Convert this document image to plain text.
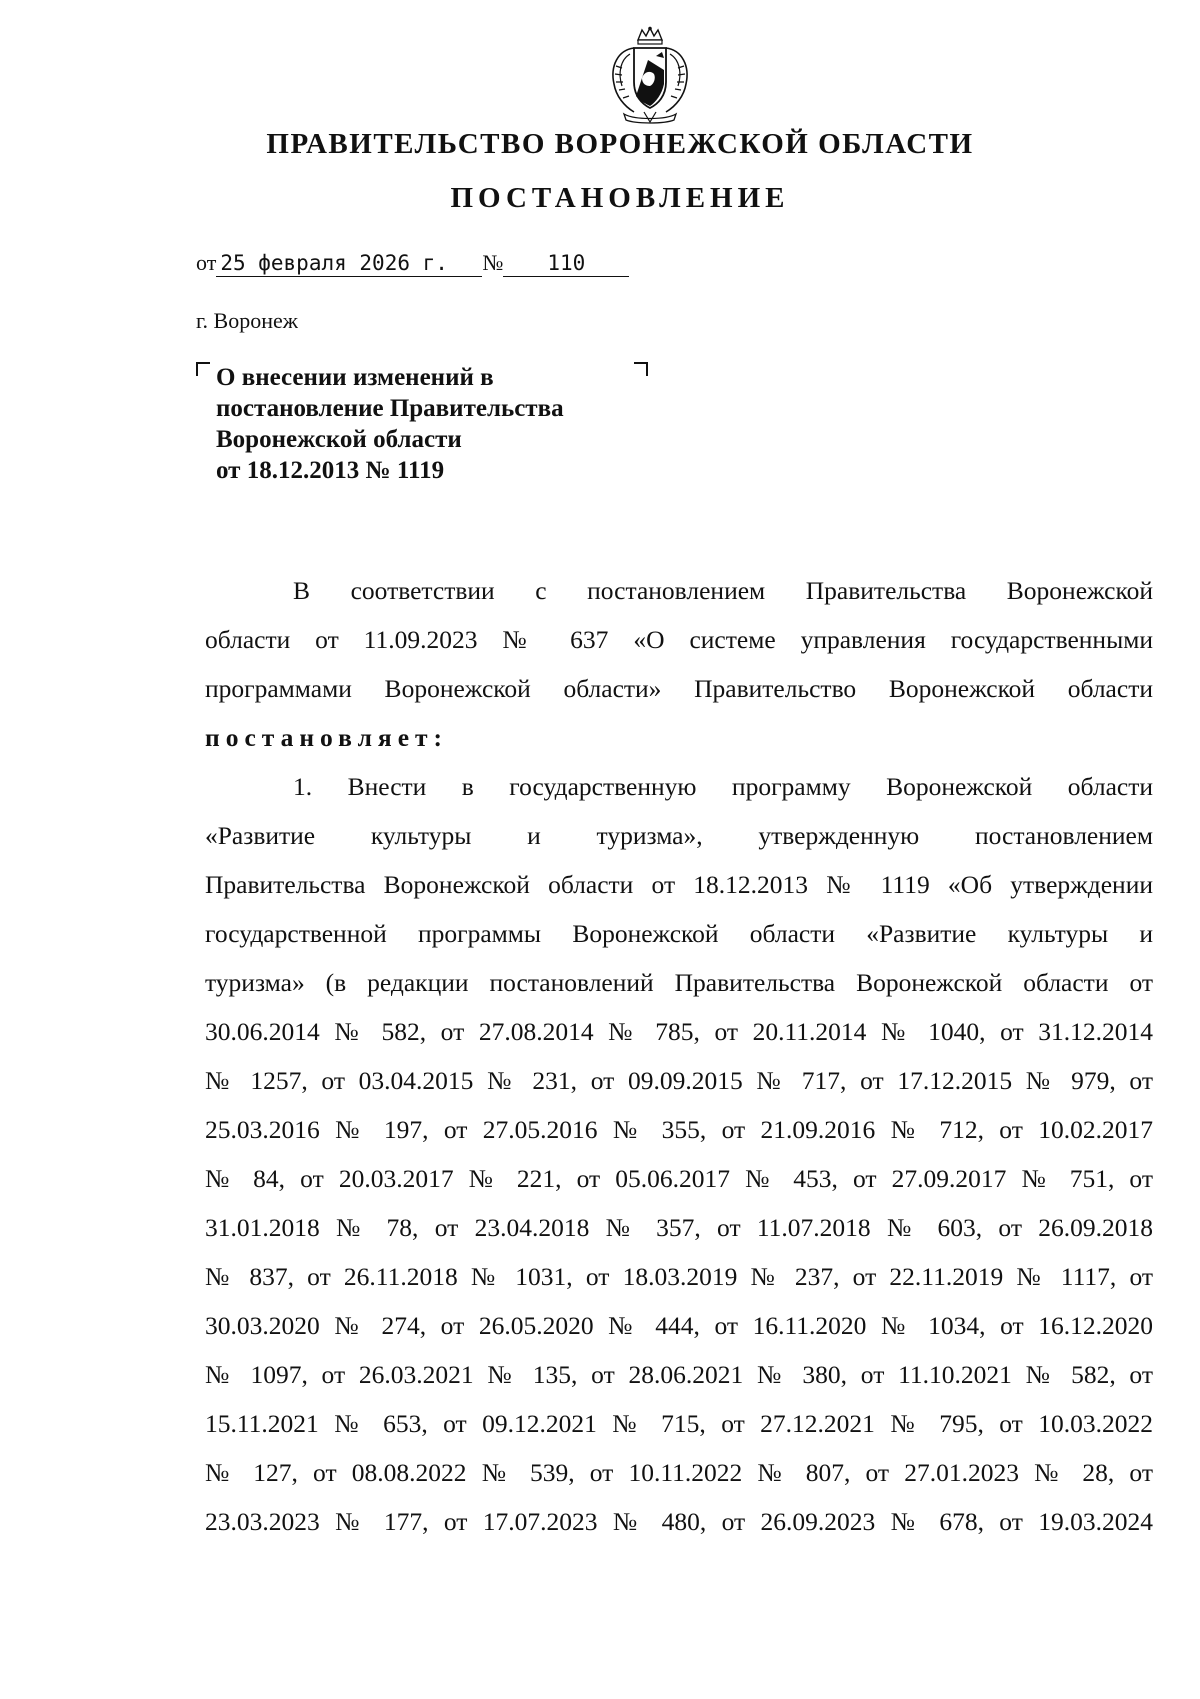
ПРАВИТЕЛЬСТВО ВОРОНЕЖСКОЙ ОБЛАСТИ
ПОСТАНОВЛЕНИЕ
от 25 февраля 2026 г. № 110
г. Воронеж
О внесении изменений в
постановление Правительства
Воронежской области
от 18.12.2013 № 1119
В соответствии с постановлением Правительства Воронежской
области от 11.09.2023 № 637 «О системе управления государственными
программами Воронежской области» Правительство Воронежской области
постановляет:
1. Внести в государственную программу Воронежской области
«Развитие культуры и туризма», утвержденную постановлением
Правительства Воронежской области от 18.12.2013 № 1119 «Об утверждении
государственной программы Воронежской области «Развитие культуры и
туризма» (в редакции постановлений Правительства Воронежской области от
30.06.2014 № 582, от 27.08.2014 № 785, от 20.11.2014 № 1040, от 31.12.2014
№ 1257, от 03.04.2015 № 231, от 09.09.2015 № 717, от 17.12.2015 № 979, от
25.03.2016 № 197, от 27.05.2016 № 355, от 21.09.2016 № 712, от 10.02.2017
№ 84, от 20.03.2017 № 221, от 05.06.2017 № 453, от 27.09.2017 № 751, от
31.01.2018 № 78, от 23.04.2018 № 357, от 11.07.2018 № 603, от 26.09.2018
№ 837, от 26.11.2018 № 1031, от 18.03.2019 № 237, от 22.11.2019 № 1117, от
30.03.2020 № 274, от 26.05.2020 № 444, от 16.11.2020 № 1034, от 16.12.2020
№ 1097, от 26.03.2021 № 135, от 28.06.2021 № 380, от 11.10.2021 № 582, от
15.11.2021 № 653, от 09.12.2021 № 715, от 27.12.2021 № 795, от 10.03.2022
№ 127, от 08.08.2022 № 539, от 10.11.2022 № 807, от 27.01.2023 № 28, от
23.03.2023 № 177, от 17.07.2023 № 480, от 26.09.2023 № 678, от 19.03.2024
